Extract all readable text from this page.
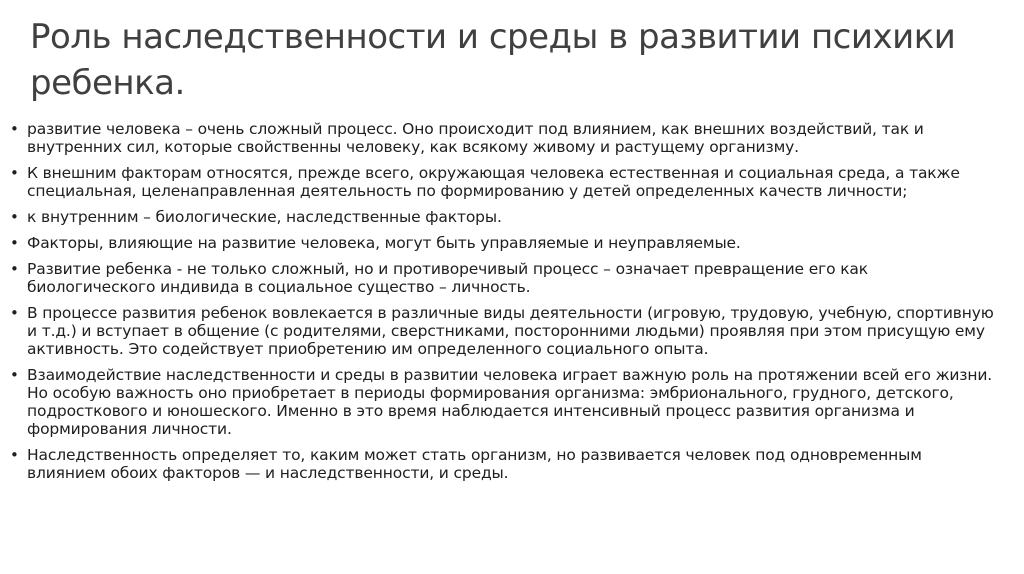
Роль наследственности и среды в развитии психики ребенка.
• развитие человека – очень сложный процесс. Оно происходит под влиянием, как внешних воздействий, так и внутренних сил, которые свойственны человеку, как всякому живому и растущему организму.
• К внешним факторам относятся, прежде всего, окружающая человека естественная и социальная среда, а также специальная, целенаправленная деятельность по формированию у детей определенных качеств личности;
• к внутренним – биологические, наследственные факторы.
• Факторы, влияющие на развитие человека, могут быть управляемые и неуправляемые.
• Развитие ребенка - не только сложный, но и противоречивый процесс – означает превращение его как биологического индивида в социальное существо – личность.
• В процессе развития ребенок вовлекается в различные виды деятельности (игровую, трудовую, учебную, спортивную и т.д.) и вступает в общение (с родителями, сверстниками, посторонними людьми) проявляя при этом присущую ему активность. Это содействует приобретению им определенного социального опыта.
• Взаимодействие наследственности и среды в развитии человека играет важную роль на протяжении всей его жизни. Но особую важность оно приобретает в периоды формирования организма: эмбрионального, грудного, детского, подросткового и юношеского. Именно в это время наблюдается интенсивный процесс развития организма и формирования личности.
• Наследственность определяет то, каким может стать организм, но развивается человек под одновременным влиянием обоих факторов — и наследственности, и среды.
